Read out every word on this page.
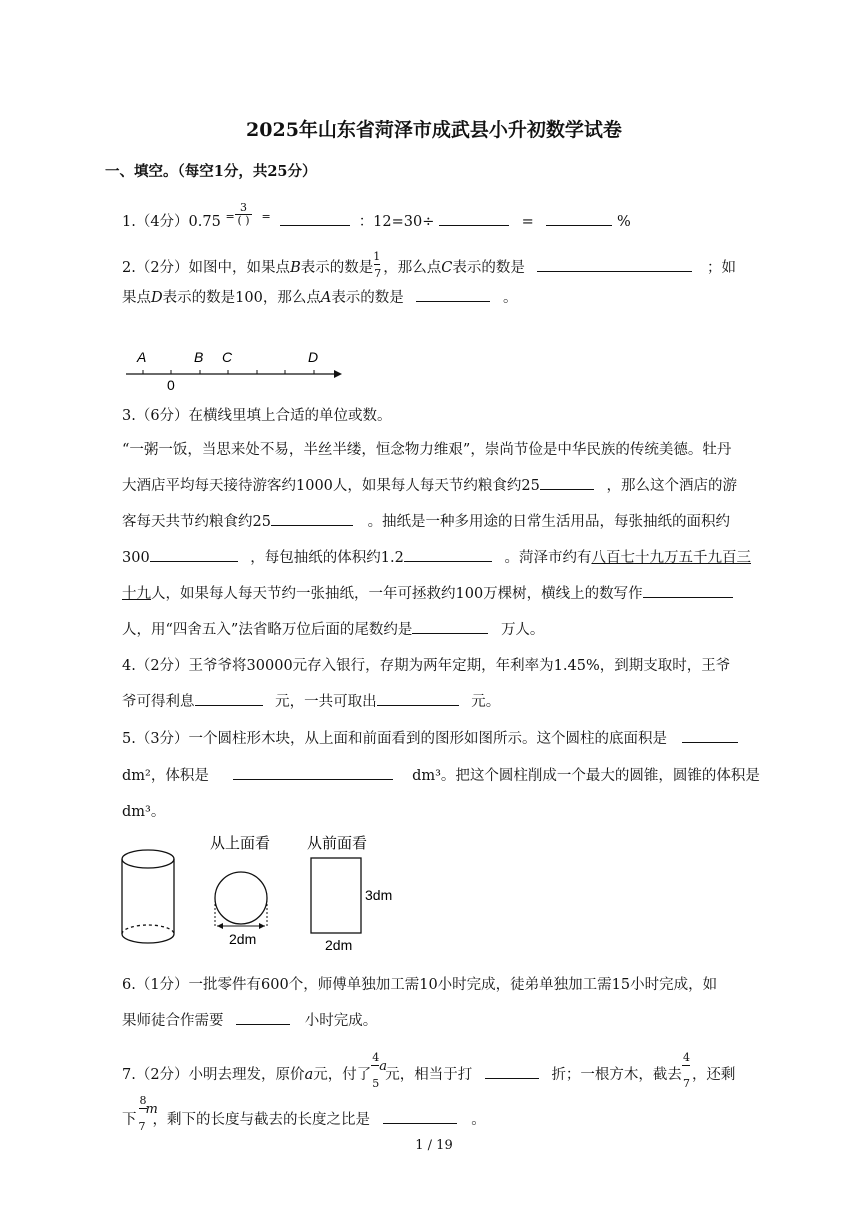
2025年山东省菏泽市成武县小升初数学试卷
一、填空。（每空1分，共25分）
1.（4分）0.75 =
3
( ) =	：12=30÷	=	%
2.（2分）如图中，如果点B表示的数是
$\frac{1}{7}$
，那么点C表示的数是	；如
果点D表示的数是100，那么点A表示的数是	。
A	B C	D
0
3.（6分）在横线里填上合适的单位或数。
“一粥一饭，当思来处不易，半丝半缕，恒念物力维艰”，崇尚节俭是中华民族的传统美德。牡丹
大酒店平均每天接待游客约1000人，如果每人每天节约粮食约25	，那么这个酒店的游
客每天共节约粮食约25	。抽纸是一种多用途的日常生活用品，每张抽纸的面积约
300	，每包抽纸的体积约1.2	。菏泽市约有八百七十九万五千九百三
十九人，如果每人每天节约一张抽纸，一年可拯救约100万棵树，横线上的数写作
人，用“四舍五入”法省略万位后面的尾数约是	万人。
4.（2分）王爷爷将30000元存入银行，存期为两年定期，年利率为1.45%，到期支取时，王爷
爷可得利息	元，一共可取出	元。
5.（3分）一个圆柱形木块，从上面和前面看到的图形如图所示。这个圆柱的底面积是
dm²，体积是	dm³。把这个圆柱削成一个最大的圆锥，圆锥的体积是
dm³。
从上面看
2dm
从前面看
3dm
2dm
6.（1分）一批零件有600个，师傅单独加工需10小时完成，徒弟单独加工需15小时完成，如
果师徒合作需要	小时完成。
7.（2分）小明去理发，原价a元，付了
4
5
a
元，相当于打	折；一根方木，截去
$\frac{4}{7}$
，还剩
下
8
7
m
，剩下的长度与截去的长度之比是	。
1 / 19
